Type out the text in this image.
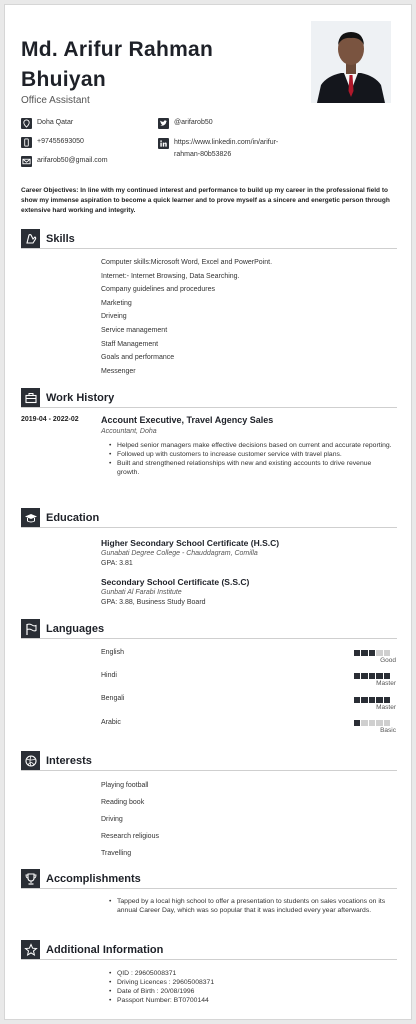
Md. Arifur Rahman Bhuiyan
Office Assistant
Doha Qatar
+97455693050
arifarob50@gmail.com
@arifarob50
https://www.linkedin.com/in/arifur-
rahman-80b53826
Career Objectives: In line with my continued interest and performance to build up my career in the professional field to show my immense aspiration to become a quick learner and to prove myself as a sincere and energetic person through extensive hard working and integrity.
Skills
Computer skills:Microsoft Word, Excel and PowerPoint.
Internet:- Internet Browsing, Data Searching.
Company guidelines and procedures
Marketing
Driveing
Service management
Staff Management
Goals and performance
Messenger
Work History
2019-04 - 2022-02 Account Executive, Travel Agency Sales
Accountant, Doha
• Helped senior managers make effective decisions based on current and accurate reporting.
• Followed up with customers to increase customer service with travel plans.
• Built and strengthened relationships with new and existing accounts to drive revenue growth.
Education
Higher Secondary School Certificate (H.S.C)
Gunabati Degree College - Chauddagram, Comilla
GPA: 3.81
Secondary School Certificate (S.S.C)
Gunbati Al Farabi Institute
GPA: 3.88, Business Study Board
Languages
English
Good
Hindi
Master
Bengali
Master
Arabic
Basic
Interests
Playing football
Reading book
Driving
Research religious
Travelling
Accomplishments
• Tapped by a local high school to offer a presentation to students on sales vocations on its annual Career Day, which was so popular that it was included every year afterwards.
Additional Information
• QID : 29605008371
• Driving Licences : 29605008371
• Date of Birth : 20/08/1996
• Passport Number: BT0700144
